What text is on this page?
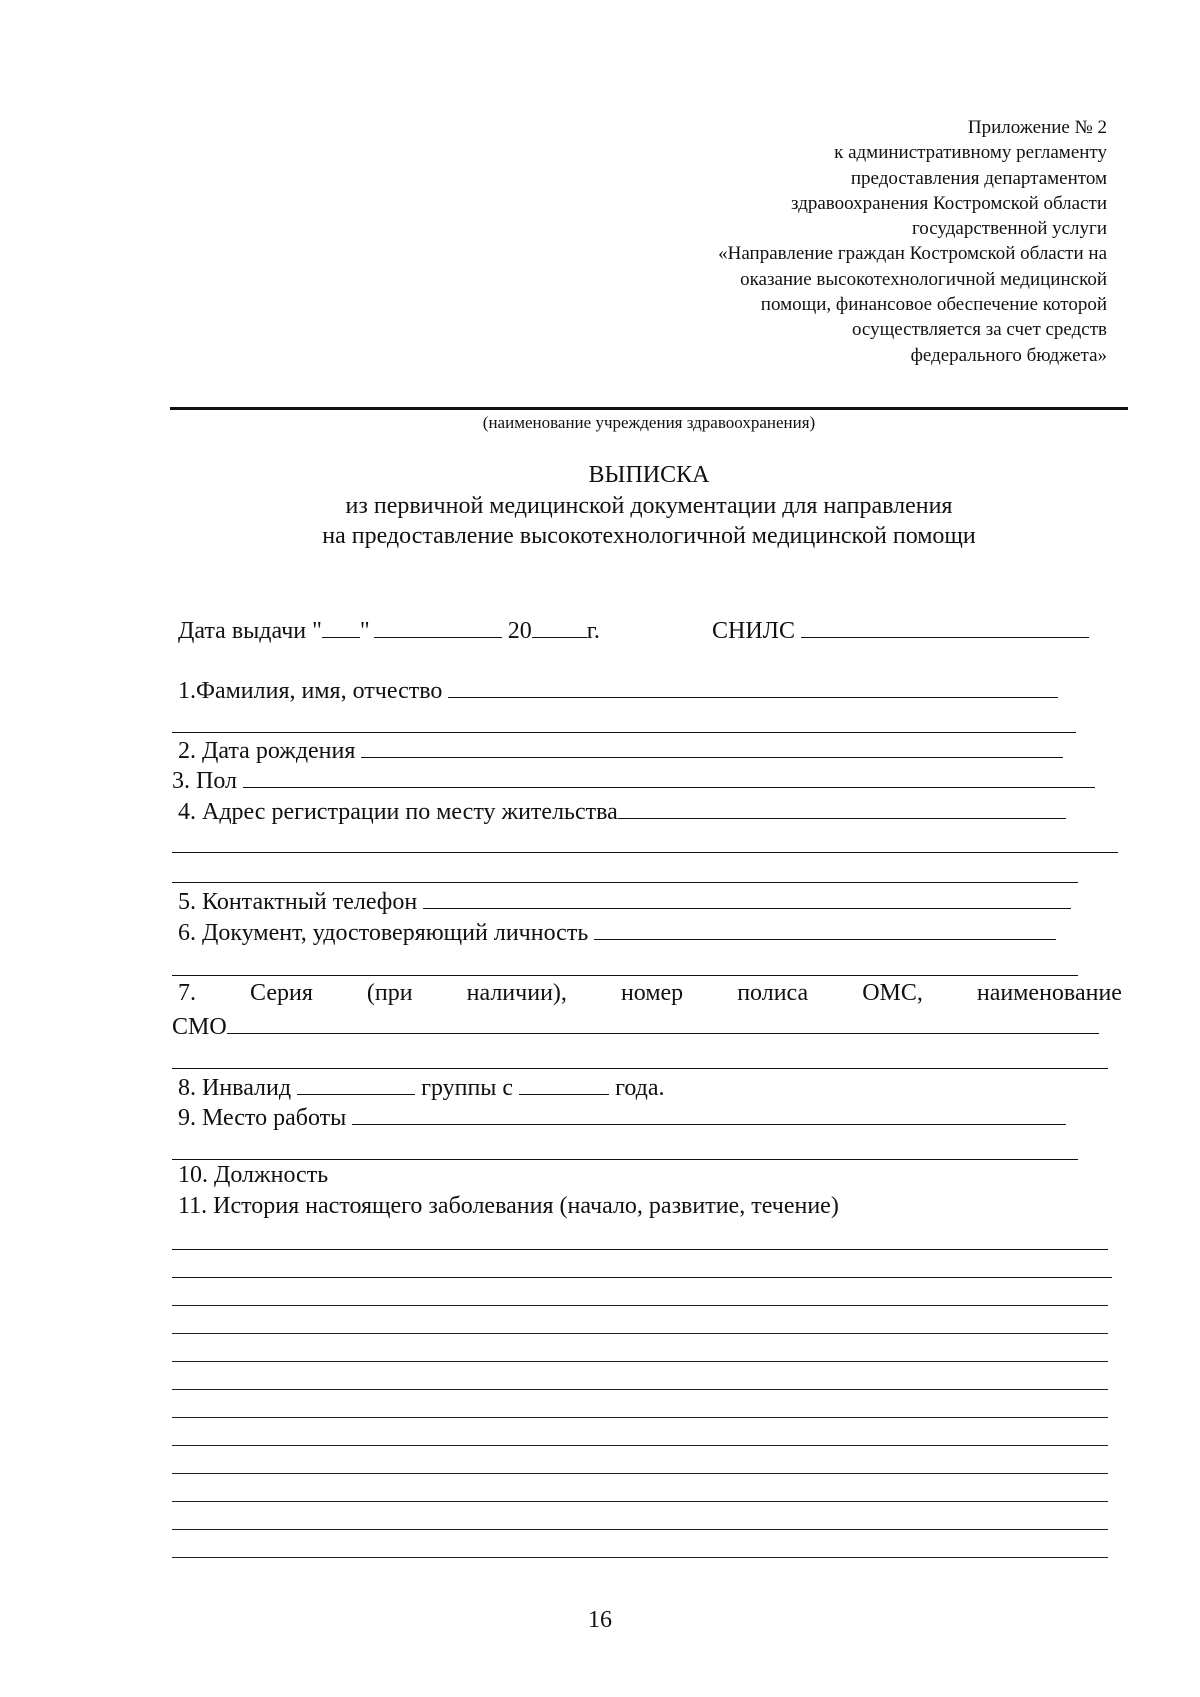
Приложение № 2
к административному регламенту
предоставления департаментом
здравоохранения Костромской области
государственной услуги
«Направление граждан Костромской области на
оказание высокотехнологичной медицинской
помощи, финансовое обеспечение которой
осуществляется за счет средств
федерального бюджета»
(наименование учреждения здравоохранения)
ВЫПИСКА
из первичной медицинской документации для направления
на предоставление высокотехнологичной медицинской помощи
Дата выдачи " "	20 г.	СНИЛС
1.Фамилия, имя, отчество
2. Дата рождения
3. Пол
4. Адрес регистрации по месту жительства
5. Контактный телефон
6. Документ, удостоверяющий личность
7. Серия (при наличии), номер полиса ОМС, наименование
СМО
8. Инвалид	группы с	года.
9. Место работы
10. Должность
11. История настоящего заболевания (начало, развитие, течение)
16
